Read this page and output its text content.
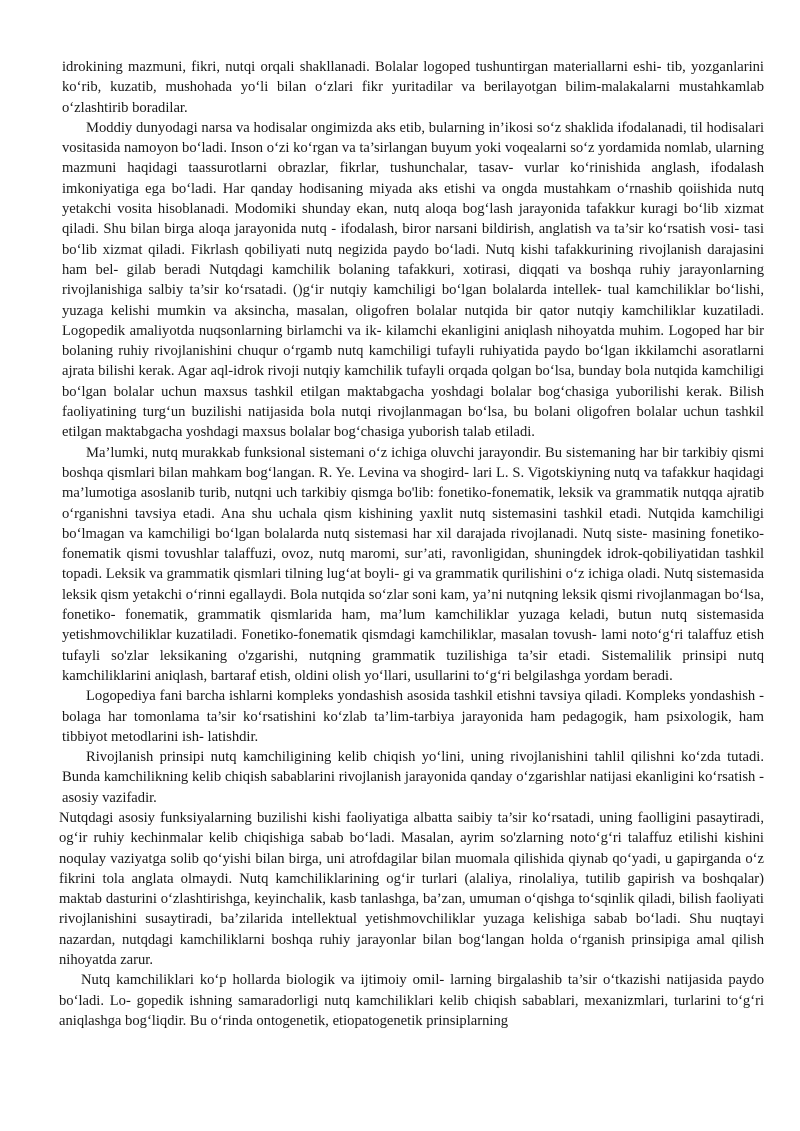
idrokining mazmuni, fikri, nutqi orqali shakllanadi. Bolalar logoped tushuntirgan materiallarni eshi- tib, yozganlarini ko‘rib, kuzatib, mushohada yo‘li bilan o‘zlari fikr yuritadilar va berilayotgan bilim-malakalarni mustahkamlab o‘zlashtirib boradilar.

Moddiy dunyodagi narsa va hodisalar ongimizda aks etib, bularning in’ikosi so‘z shaklida ifodalanadi, til hodisalari vositasida namoyon bo‘ladi. Inson o‘zi ko‘rgan va ta’sirlangan buyum yoki voqealarni so‘z yordamida nomlab, ularning mazmuni haqidagi taassurotlarni obrazlar, fikrlar, tushunchalar, tasav- vurlar ko‘rinishida anglash, ifodalash imkoniyatiga ega bo‘ladi. Har qanday hodisaning miyada aks etishi va ongda mustahkam o‘rnashib qoiishida nutq yetakchi vosita hisoblanadi. Modomiki shunday ekan, nutq aloqa bog‘lash jarayonida tafakkur kuragi bo‘lib xizmat qiladi. Shu bilan birga aloqa jarayonida nutq - ifodalash, biror narsani bildirish, anglatish va ta’sir ko‘rsatish vosi- tasi bo‘lib xizmat qiladi. Fikrlash qobiliyati nutq negizida paydo bo‘ladi. Nutq kishi tafakkurining rivojlanish darajasini ham bel- gilab beradi Nutqdagi kamchilik bolaning tafakkuri, xotirasi, diqqati va boshqa ruhiy jarayonlarning rivojlanishiga salbiy ta’sir ko‘rsatadi. ()g‘ir nutqiy kamchiligi bo‘lgan bolalarda intellek- tual kamchiliklar bo‘lishi, yuzaga kelishi mumkin va aksincha, masalan, oligofren bolalar nutqida bir qator nutqiy kamchiliklar kuzatiladi. Logopedik amaliyotda nuqsonlarning birlamchi va ik- kilamchi ekanligini aniqlash nihoyatda muhim. Logoped har bir bolaning ruhiy rivojlanishini chuqur o‘rgamb nutq kamchiligi tufayli ruhiyatida paydo bo‘lgan ikkilamchi asoratlarni ajrata bilishi kerak. Agar aql-idrok rivoji nutqiy kamchilik tufayli orqada qolgan bo‘lsa, bunday bola nutqida kamchiligi bo‘lgan bolalar uchun maxsus tashkil etilgan maktabgacha yoshdagi bolalar bog‘chasiga yuborilishi kerak. Bilish faoliyatining turg‘un buzilishi natijasida bola nutqi rivojlanmagan bo‘lsa, bu bolani oligofren bolalar uchun tashkil etilgan maktabgacha yoshdagi maxsus bolalar bog‘chasiga yuborish talab etiladi.

Ma’lumki, nutq murakkab funksional sistemani o‘z ichiga oluvchi jarayondir. Bu sistemaning har bir tarkibiy qismi boshqa qismlari bilan mahkam bog‘langan. R. Ye. Levina va shogird- lari L. S. Vigotskiyning nutq va tafakkur haqidagi ma’lumotiga asoslanib turib, nutqni uch tarkibiy qismga bo'lib: fonetiko-fonematik, leksik va grammatik nutqqa ajratib o‘rganishni tavsiya etadi. Ana shu uchala qism kishining yaxlit nutq sistemasini tashkil etadi. Nutqida kamchiligi bo‘lmagan va kamchiligi bo‘lgan bolalarda nutq sistemasi har xil darajada rivojlanadi. Nutq siste- masining fonetiko-fonematik qismi tovushlar talaffuzi, ovoz, nutq maromi, sur’ati, ravonligidan, shuningdek idrok-qobiliyatidan tashkil topadi. Leksik va grammatik qismlari tilning lug‘at boyli- gi va grammatik qurilishini o‘z ichiga oladi. Nutq sistemasida leksik qism yetakchi o‘rinni egallaydi. Bola nutqida so‘zlar soni kam, ya’ni nutqning leksik qismi rivojlanmagan bo‘lsa, fonetiko- fonematik, grammatik qismlarida ham, ma’lum kamchiliklar yuzaga keladi, butun nutq sistemasida yetishmovchiliklar kuzatiladi. Fonetiko-fonematik qismdagi kamchiliklar, masalan tovush- lami noto‘g‘ri talaffuz etish tufayli so'zlar leksikaning o'zgarishi, nutqning grammatik tuzilishiga ta’sir etadi. Sistemalilik prinsipi nutq kamchiliklarini aniqlash, bartaraf etish, oldini olish yo‘llari, usullarini to‘g‘ri belgilashga yordam beradi.

Logopediya fani barcha ishlarni kompleks yondashish asosida tashkil etishni tavsiya qiladi. Kompleks yondashish - bolaga har tomonlama ta’sir ko‘rsatishini ko‘zlab ta’lim-tarbiya jarayonida ham pedagogik, ham psixologik, ham tibbiyot metodlarini ish- latishdir.

Rivojlanish prinsipi nutq kamchiligining kelib chiqish yo‘lini, uning rivojlanishini tahlil qilishni ko‘zda tutadi. Bunda kamchilikning kelib chiqish sabablarini rivojlanish jarayonida qanday o‘zgarishlar natijasi ekanligini ko‘rsatish - asosiy vazifadir.

Nutqdagi asosiy funksiyalarning buzilishi kishi faoliyatiga albatta saibiy ta’sir ko‘rsatadi, uning faolligini pasaytiradi, og‘ir ruhiy kechinmalar kelib chiqishiga sabab bo‘ladi. Masalan, ayrim so'zlarning noto‘g‘ri talaffuz etilishi kishini noqulay vaziyatga solib qo‘yishi bilan birga, uni atrofdagilar bilan muomala qilishida qiynab qo‘yadi, u gapirganda o‘z fikrini tola anglata olmaydi. Nutq kamchiliklarining og‘ir turlari (alaliya, rinolaliya, tutilib gapirish va boshqalar) maktab dasturini o‘zlashtirishga, keyinchalik, kasb tanlashga, ba’zan, umuman o‘qishga to‘sqinlik qiladi, bilish faoliyati rivojlanishini susaytiradi, ba’zilarida intellektual yetishmovchiliklar yuzaga kelishiga sabab bo‘ladi. Shu nuqtayi nazardan, nutqdagi kamchiliklarni boshqa ruhiy jarayonlar bilan bog‘langan holda o‘rganish prinsipiga amal qilish nihoyatda zarur.

Nutq kamchiliklari ko‘p hollarda biologik va ijtimoiy omil- larning birgalashib ta’sir o‘tkazishi natijasida paydo bo‘ladi. Lo- gopedik ishning samaradorligi nutq kamchiliklari kelib chiqish sabablari, mexanizmlari, turlarini to‘g‘ri aniqlashga bog‘liqdir. Bu o‘rinda ontogenetik, etiopatogenetik prinsiplarning
